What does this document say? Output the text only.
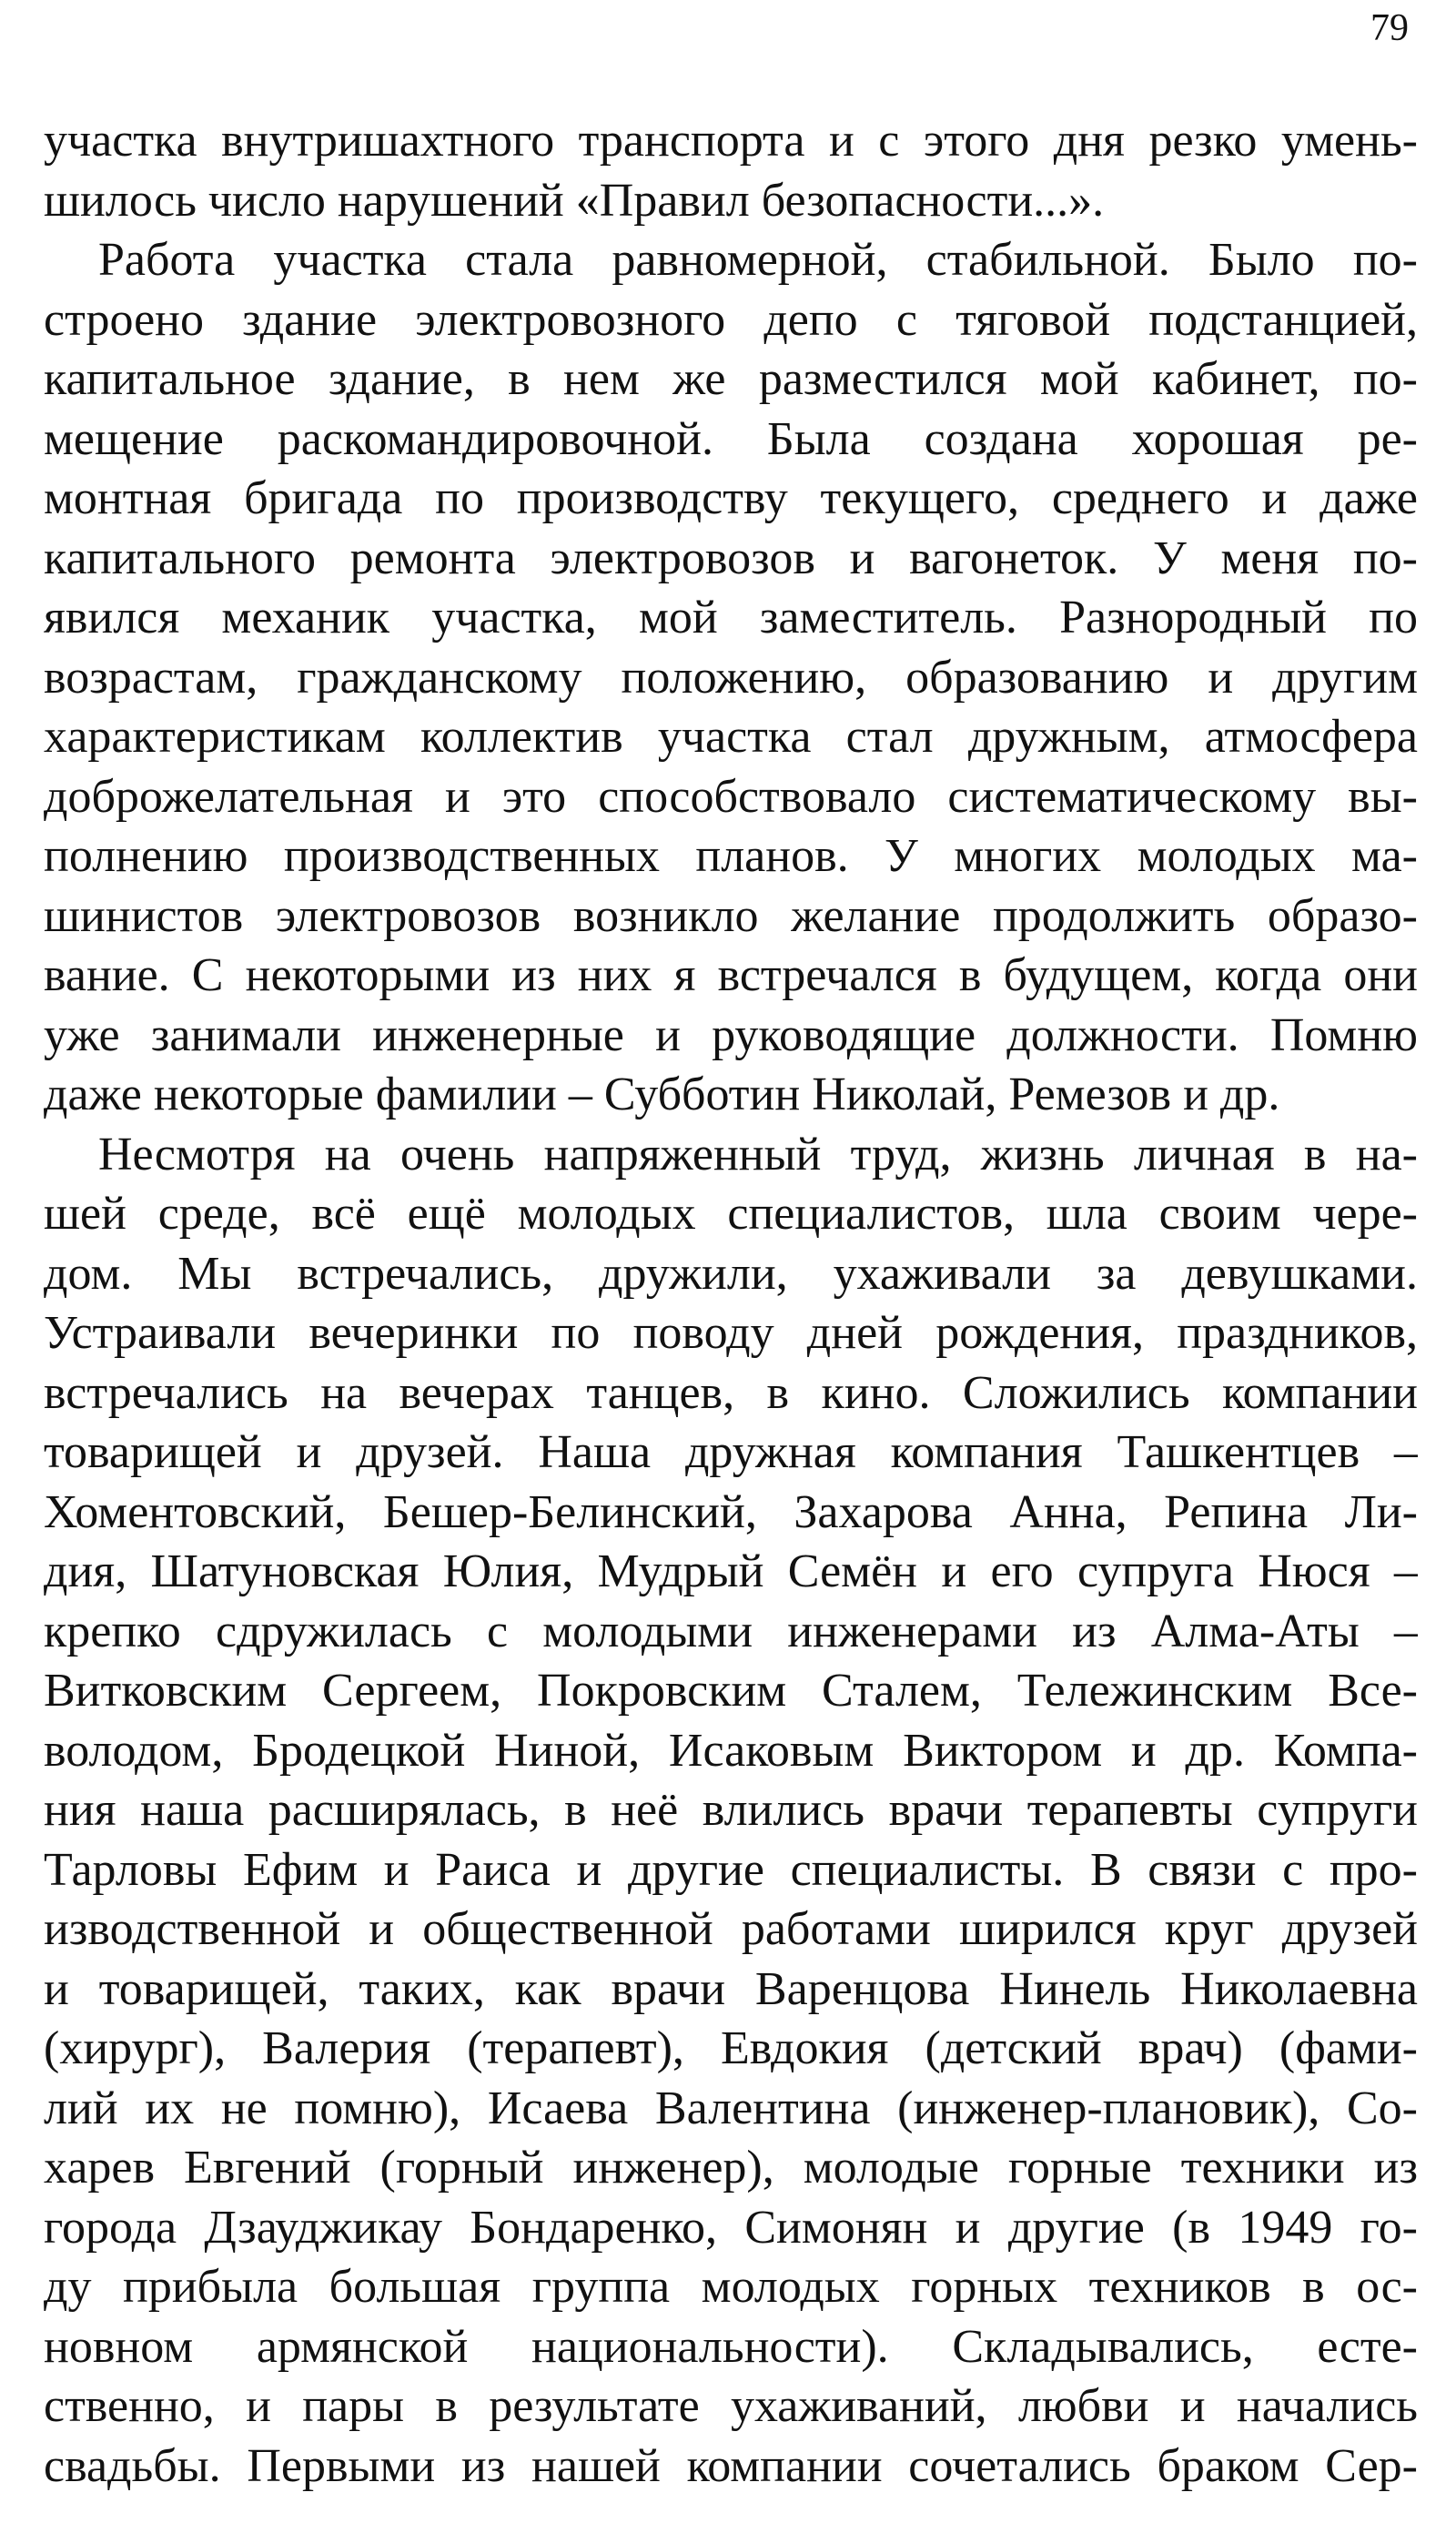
79
участка внутришахтного транспорта и с этого дня резко умень-
шилось число нарушений «Правил безопасности...».
Работа участка стала равномерной, стабильной. Было по-
строено здание электровозного депо с тяговой подстанцией,
капитальное здание, в нем же разместился мой кабинет, по-
мещение раскомандировочной. Была создана хорошая ре-
монтная бригада по производству текущего, среднего и даже
капитального ремонта электровозов и вагонеток. У меня по-
явился механик участка, мой заместитель. Разнородный по
возрастам, гражданскому положению, образованию и другим
характеристикам коллектив участка стал дружным, атмосфера
доброжелательная и это способствовало систематическому вы-
полнению производственных планов. У многих молодых ма-
шинистов электровозов возникло желание продолжить образо-
вание. С некоторыми из них я встречался в будущем, когда они
уже занимали инженерные и руководящие должности. Помню
даже некоторые фамилии – Субботин Николай, Ремезов и др.
Несмотря на очень напряженный труд, жизнь личная в на-
шей среде, всё ещё молодых специалистов, шла своим чере-
дом. Мы встречались, дружили, ухаживали за девушками.
Устраивали вечеринки по поводу дней рождения, праздников,
встречались на вечерах танцев, в кино. Сложились компании
товарищей и друзей. Наша дружная компания Ташкентцев –
Хоментовский, Бешер-Белинский, Захарова Анна, Репина Ли-
дия, Шатуновская Юлия, Мудрый Семён и его супруга Нюся –
крепко сдружилась с молодыми инженерами из Алма-Аты –
Витковским Сергеем, Покровским Сталем, Тележинским Все-
володом, Бродецкой Ниной, Исаковым Виктором и др. Компа-
ния наша расширялась, в неё влились врачи терапевты супруги
Тарловы Ефим и Раиса и другие специалисты. В связи с про-
изводственной и общественной работами ширился круг друзей
и товарищей, таких, как врачи Варенцова Нинель Николаевна
(хирург), Валерия (терапевт), Евдокия (детский врач) (фами-
лий их не помню), Исаева Валентина (инженер-плановик), Со-
харев Евгений (горный инженер), молодые горные техники из
города Дзауджикау Бондаренко, Симонян и другие (в 1949 го-
ду прибыла большая группа молодых горных техников в ос-
новном армянской национальности). Складывались, есте-
ственно, и пары в результате ухаживаний, любви и начались
свадьбы. Первыми из нашей компании сочетались браком Сер-
